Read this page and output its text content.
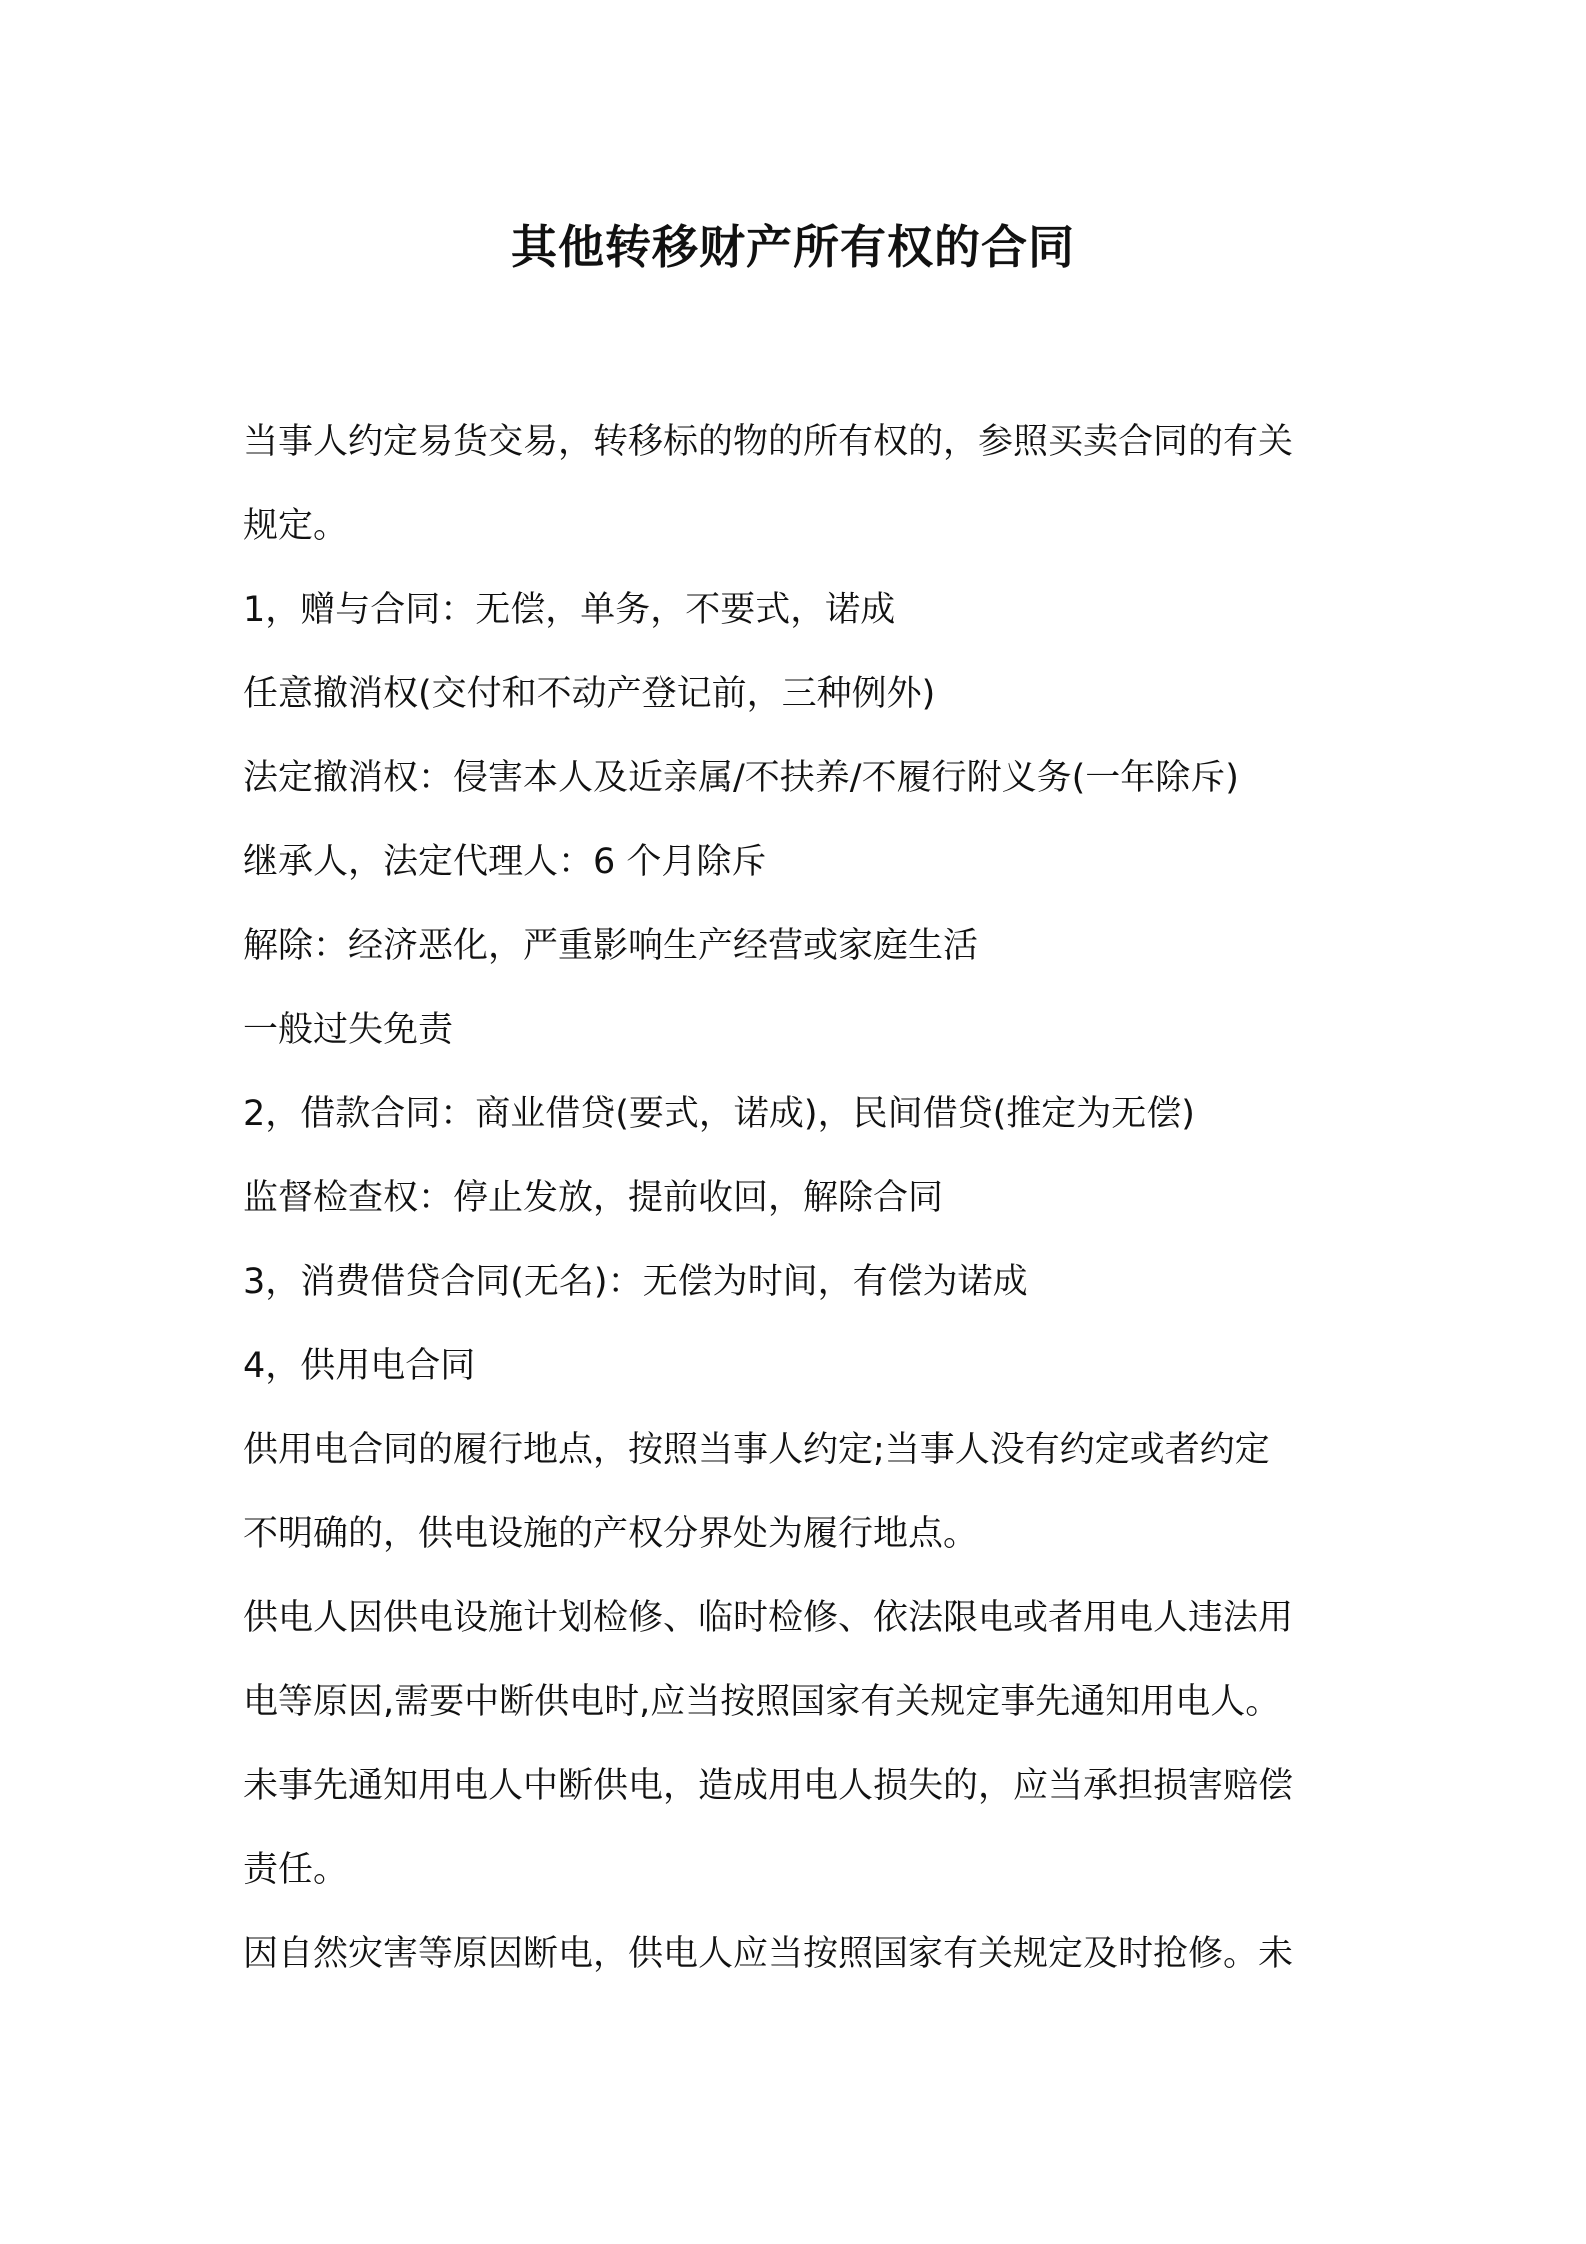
其他转移财产所有权的合同

当事人约定易货交易，转移标的物的所有权的，参照买卖合同的有关

规定。

1，赠与合同：无偿，单务，不要式，诺成

任意撤消权(交付和不动产登记前，三种例外)

法定撤消权：侵害本人及近亲属/不扶养/不履行附义务(一年除斥)

继承人，法定代理人：6 个月除斥

解除：经济恶化，严重影响生产经营或家庭生活

一般过失免责

2，借款合同：商业借贷(要式，诺成)，民间借贷(推定为无偿)

监督检查权：停止发放，提前收回，解除合同

3，消费借贷合同(无名)：无偿为时间，有偿为诺成

4，供用电合同

供用电合同的履行地点，按照当事人约定;当事人没有约定或者约定

不明确的，供电设施的产权分界处为履行地点。

供电人因供电设施计划检修、临时检修、依法限电或者用电人违法用

电等原因,需要中断供电时,应当按照国家有关规定事先通知用电人。

未事先通知用电人中断供电，造成用电人损失的，应当承担损害赔偿

责任。

因自然灾害等原因断电，供电人应当按照国家有关规定及时抢修。未
